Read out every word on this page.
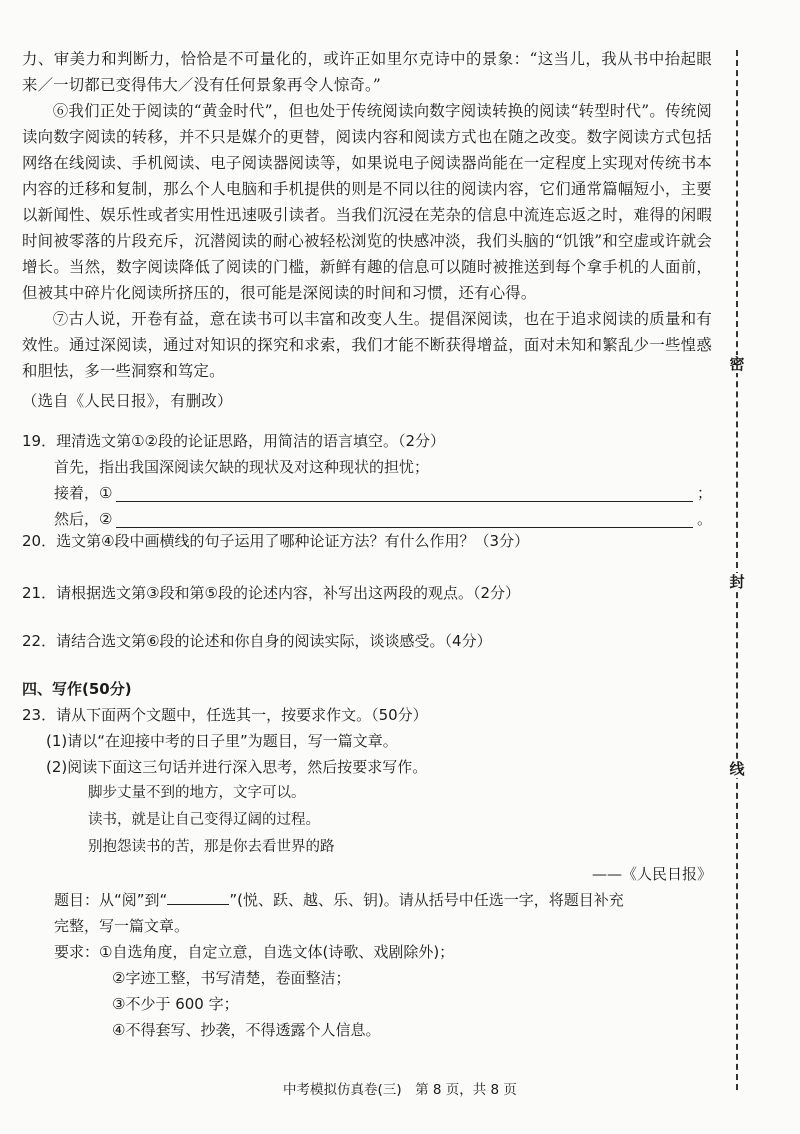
力、审美力和判断力，恰恰是不可量化的，或许正如里尔克诗中的景象：“这当儿，我从书中抬起眼来／一切都已变得伟大／没有任何景象再令人惊奇。”

⑥我们正处于阅读的“黄金时代”，但也处于传统阅读向数字阅读转换的阅读“转型时代”。传统阅读向数字阅读的转移，并不只是媒介的更替，阅读内容和阅读方式也在随之改变。数字阅读方式包括网络在线阅读、手机阅读、电子阅读器阅读等，如果说电子阅读器尚能在一定程度上实现对传统书本内容的迁移和复制，那么个人电脑和手机提供的则是不同以往的阅读内容，它们通常篇幅短小，主要以新闻性、娱乐性或者实用性迅速吸引读者。当我们沉浸在芜杂的信息中流连忘返之时，难得的闲暇时间被零落的片段充斥，沉潜阅读的耐心被轻松浏览的快感冲淡，我们头脑的“饥饿”和空虚或许就会增长。当然，数字阅读降低了阅读的门槛，新鲜有趣的信息可以随时被推送到每个拿手机的人面前，但被其中碎片化阅读所挤压的，很可能是深阅读的时间和习惯，还有心得。

⑦古人说，开卷有益，意在读书可以丰富和改变人生。提倡深阅读，也在于追求阅读的质量和有效性。通过深阅读，通过对知识的探究和求索，我们才能不断获得增益，面对未知和繁乱少一些惶惑和胆怯，多一些洞察和笃定。

（选自《人民日报》，有删改）

19．理清选文第①②段的论证思路，用简洁的语言填空。（2分）

首先，指出我国深阅读欠缺的现状及对这种现状的担忧；

接着，①	；
然后，②	。

20．选文第④段中画横线的句子运用了哪种论证方法？有什么作用？（3分）

21．请根据选文第③段和第⑤段的论述内容，补写出这两段的观点。（2分）

22．请结合选文第⑥段的论述和你自身的阅读实际，谈谈感受。（4分）

四、写作(50分)

23．请从下面两个文题中，任选其一，按要求作文。（50分）

(1)请以“在迎接中考的日子里”为题目，写一篇文章。

(2)阅读下面这三句话并进行深入思考，然后按要求写作。

脚步丈量不到的地方，文字可以。
读书，就是让自己变得辽阔的过程。
别抱怨读书的苦，那是你去看世界的路

——《人民日报》

题目：从“阅”到“	”(悦、跃、越、乐、钥)。请从括号中任选一字，将题目补充

完整，写一篇文章。

要求：①自选角度，自定立意，自选文体(诗歌、戏剧除外)；

②字迹工整，书写清楚，卷面整洁；

③不少于 600 字；

④不得套写、抄袭，不得透露个人信息。

中考模拟仿真卷(三)　第 8 页，共 8 页
密
封
线
